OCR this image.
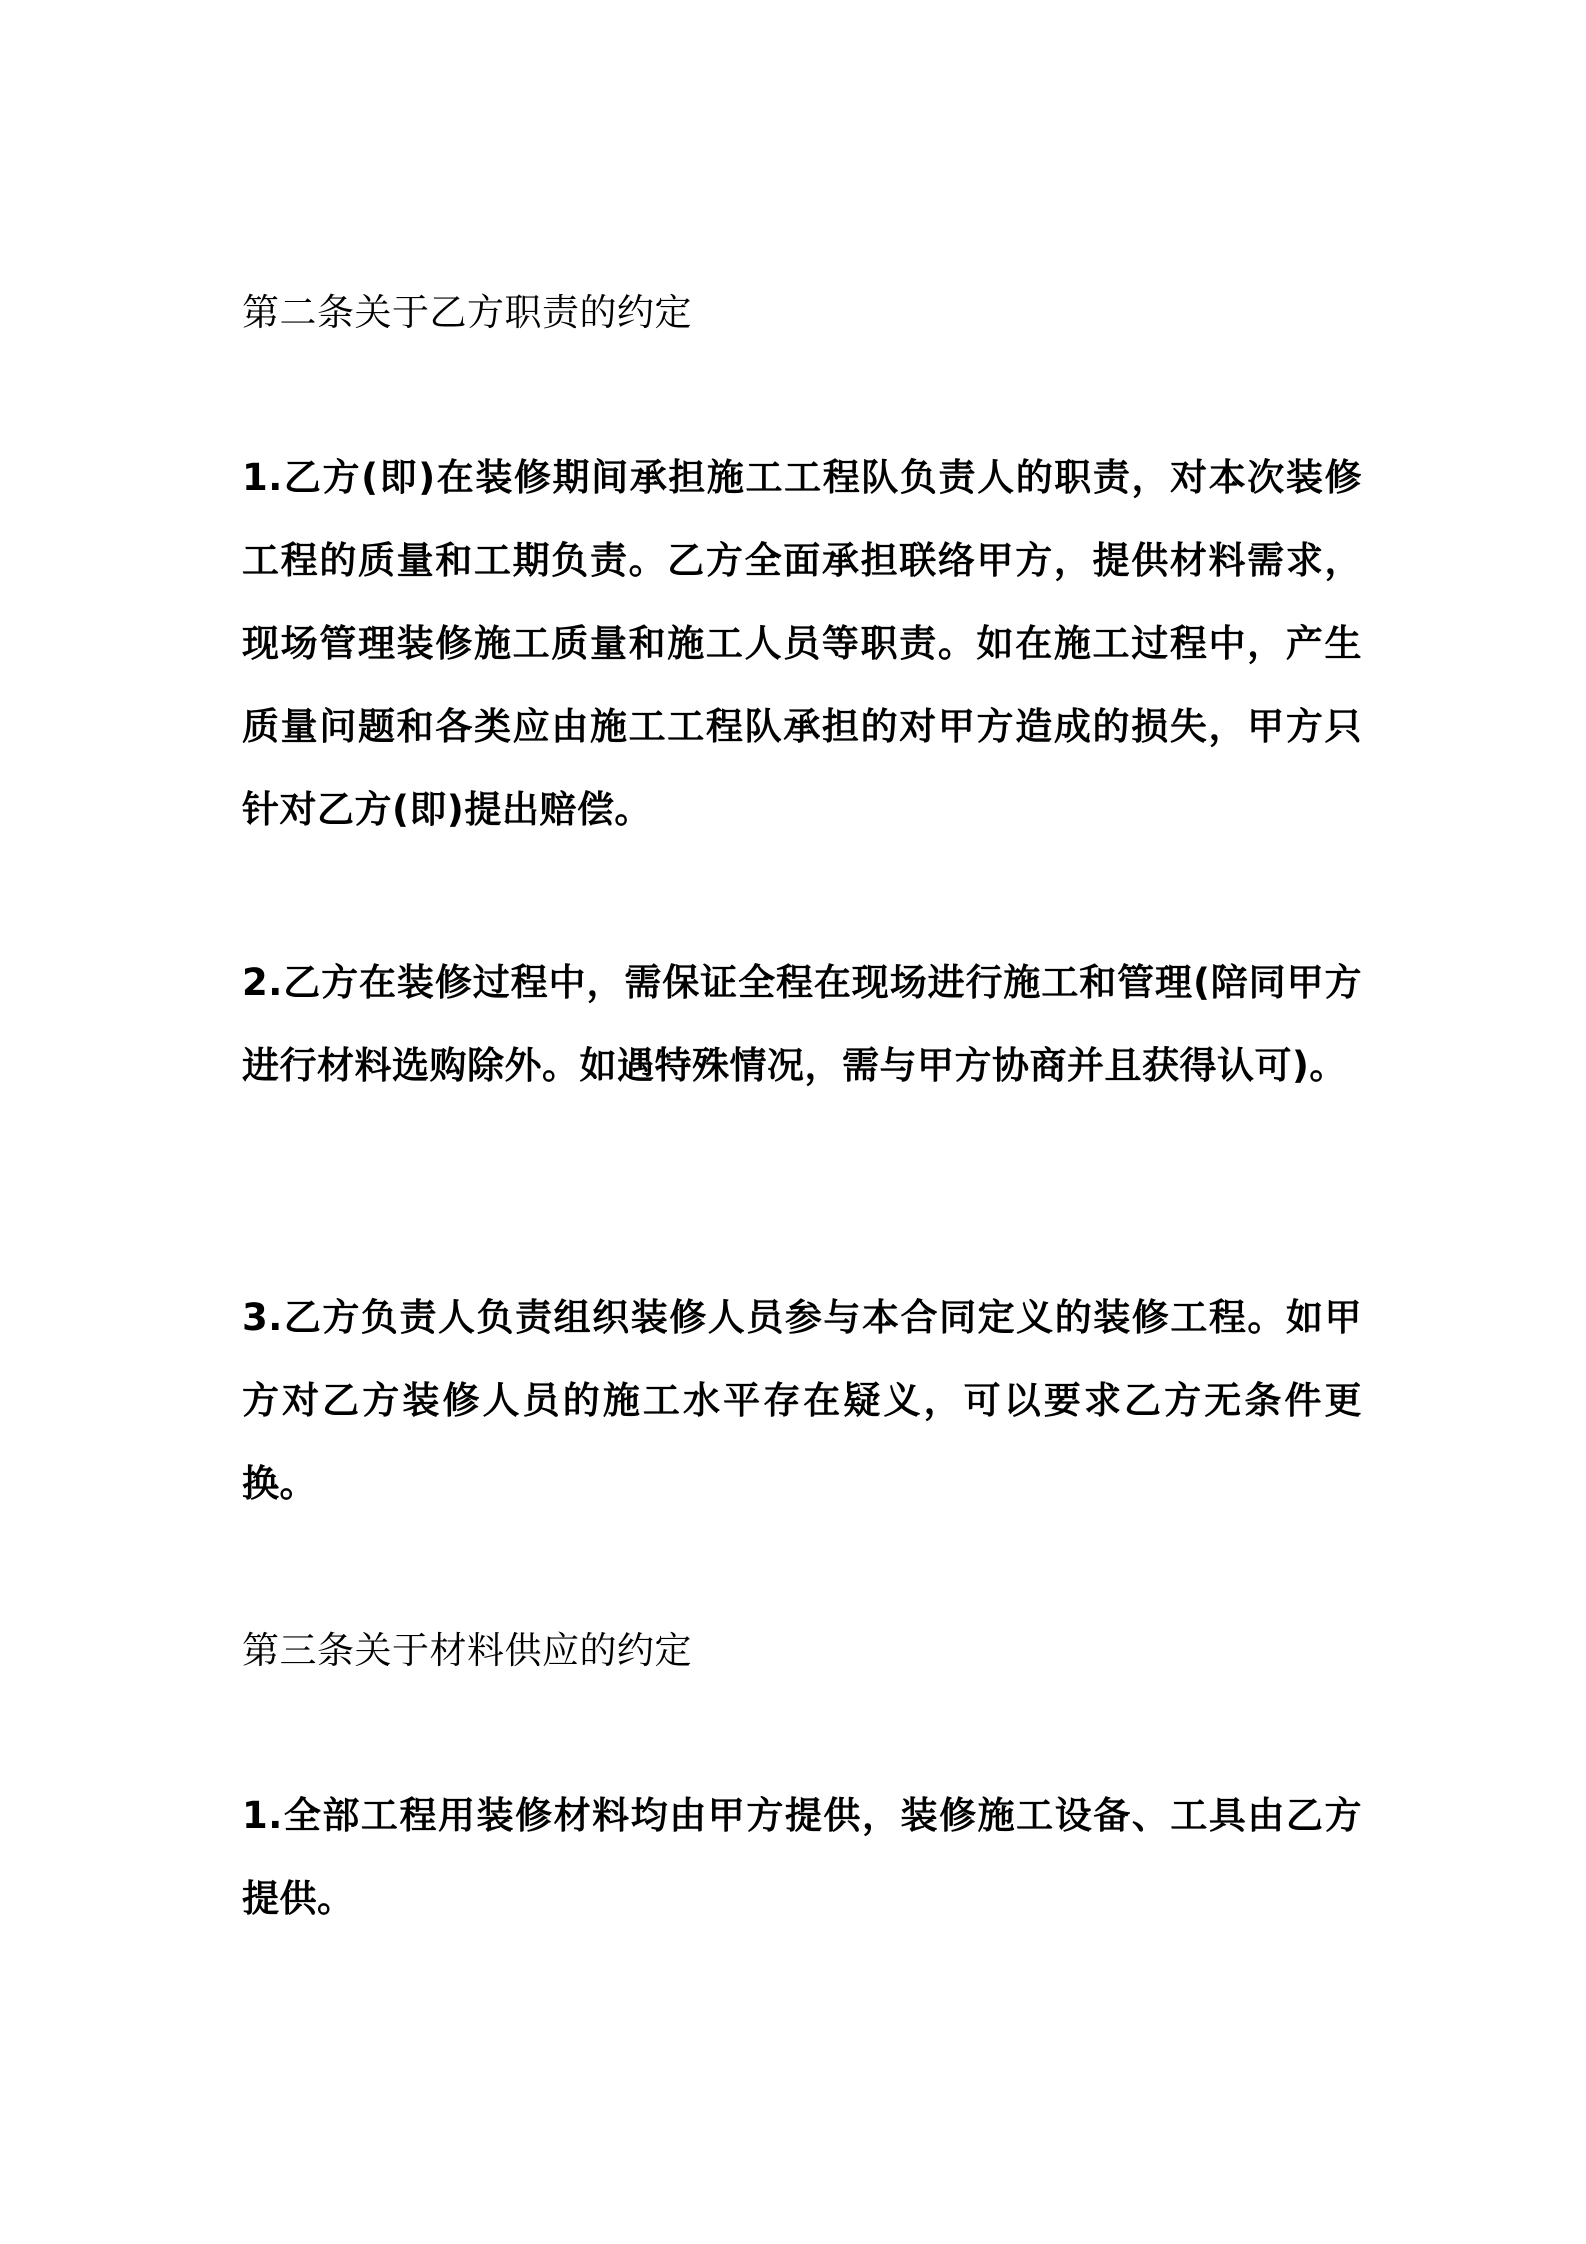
第二条关于乙方职责的约定

1.乙方(即)在装修期间承担施工工程队负责人的职责，对本次装修工程的质量和工期负责。乙方全面承担联络甲方，提供材料需求，现场管理装修施工质量和施工人员等职责。如在施工过程中，产生质量问题和各类应由施工工程队承担的对甲方造成的损失，甲方只针对乙方(即)提出赔偿。

2.乙方在装修过程中，需保证全程在现场进行施工和管理(陪同甲方进行材料选购除外。如遇特殊情况，需与甲方协商并且获得认可)。

3.乙方负责人负责组织装修人员参与本合同定义的装修工程。如甲方对乙方装修人员的施工水平存在疑义，可以要求乙方无条件更换。

第三条关于材料供应的约定

1.全部工程用装修材料均由甲方提供，装修施工设备、工具由乙方提供。
